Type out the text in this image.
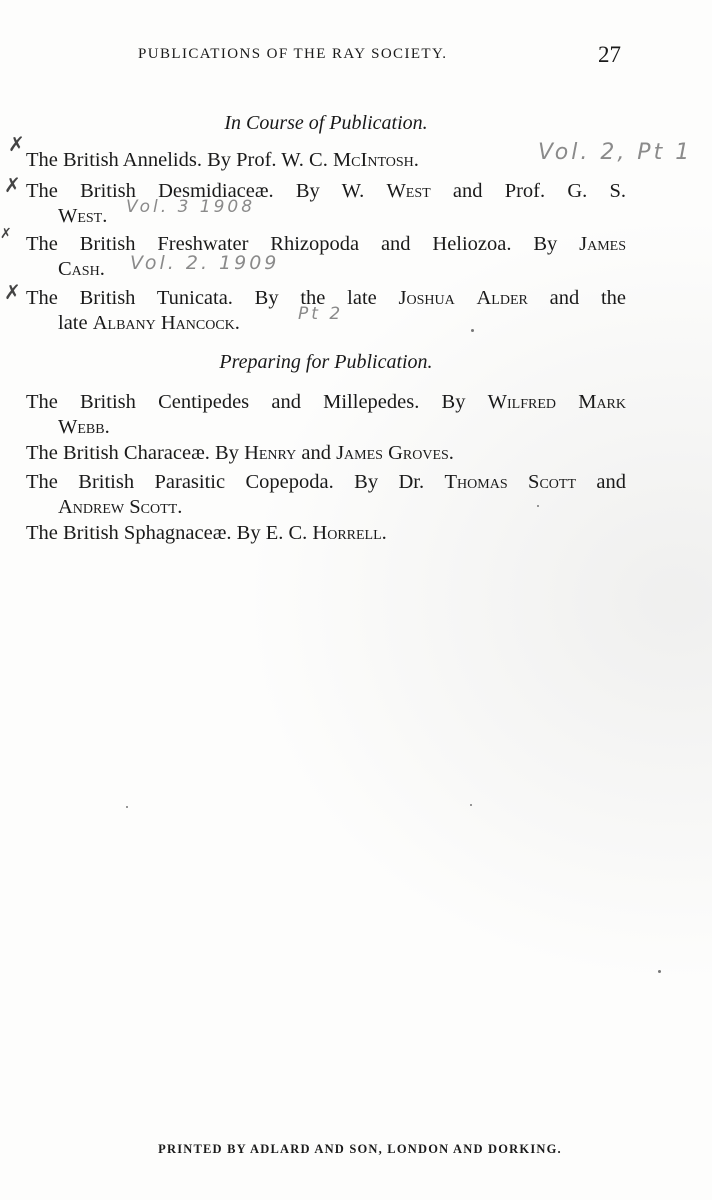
PUBLICATIONS OF THE RAY SOCIETY.	27
In Course of Publication.
✗
The British Annelids. By Prof. W. C. McIntosh.	Vol. 2, Pt 1
✗ The British Desmidiaceæ. By W. West and Prof. G. S.
West.	Vol. 3 1908
✗ The British Freshwater Rhizopoda and Heliozoa. By James
Cash.	Vol. 2. 1909
✗ The British Tunicata. By the late Joshua Alder and the
late Albany Hancock.	Pt 2
Preparing for Publication.
The British Centipedes and Millepedes. By Wilfred Mark
Webb.
The British Characeæ. By Henry and James Groves.
The British Parasitic Copepoda. By Dr. Thomas Scott and
Andrew Scott.
The British Sphagnaceæ. By E. C. Horrell.
PRINTED BY ADLARD AND SON, LONDON AND DORKING.
